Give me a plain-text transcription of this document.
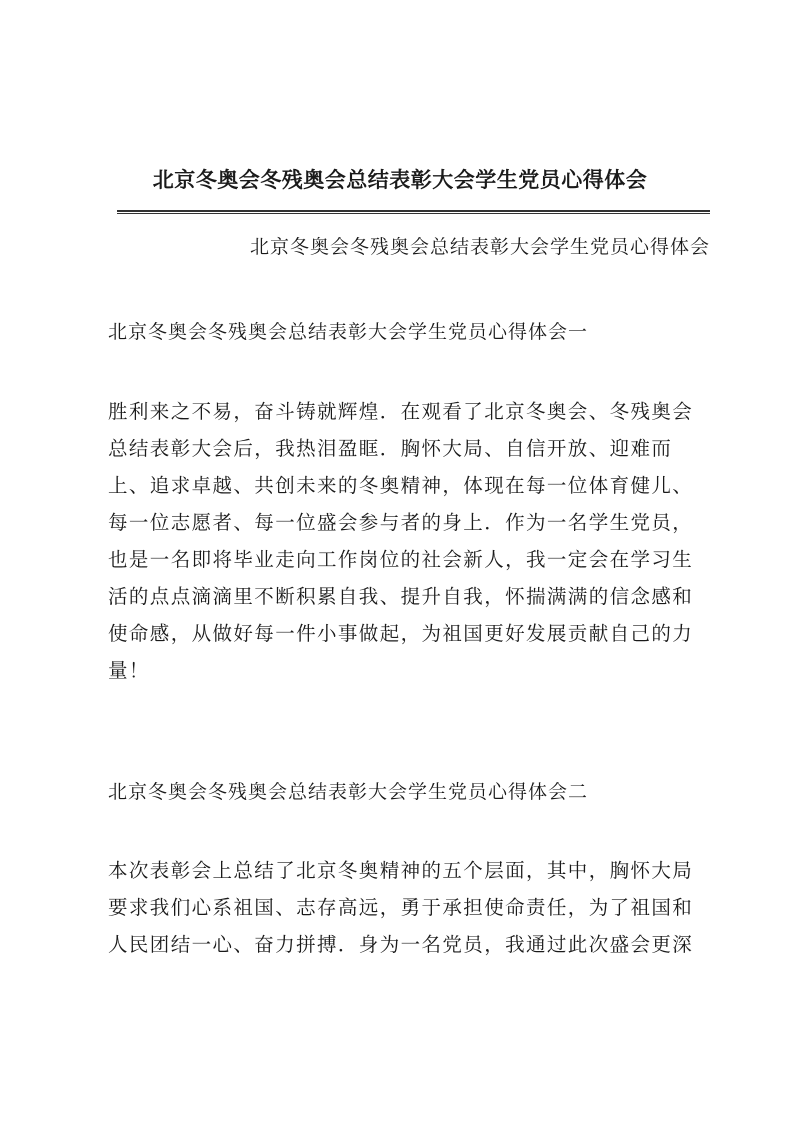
北京冬奥会冬残奥会总结表彰大会学生党员心得体会

北京冬奥会冬残奥会总结表彰大会学生党员心得体会

北京冬奥会冬残奥会总结表彰大会学生党员心得体会一

胜利来之不易，奋斗铸就辉煌．在观看了北京冬奥会、冬残奥会
总结表彰大会后，我热泪盈眶．胸怀大局、自信开放、迎难而
上、追求卓越、共创未来的冬奥精神，体现在每一位体育健儿、
每一位志愿者、每一位盛会参与者的身上．作为一名学生党员，
也是一名即将毕业走向工作岗位的社会新人，我一定会在学习生
活的点点滴滴里不断积累自我、提升自我，怀揣满满的信念感和
使命感，从做好每一件小事做起，为祖国更好发展贡献自己的力
量！

北京冬奥会冬残奥会总结表彰大会学生党员心得体会二

本次表彰会上总结了北京冬奥精神的五个层面，其中，胸怀大局
要求我们心系祖国、志存高远，勇于承担使命责任，为了祖国和
人民团结一心、奋力拼搏．身为一名党员，我通过此次盛会更深
